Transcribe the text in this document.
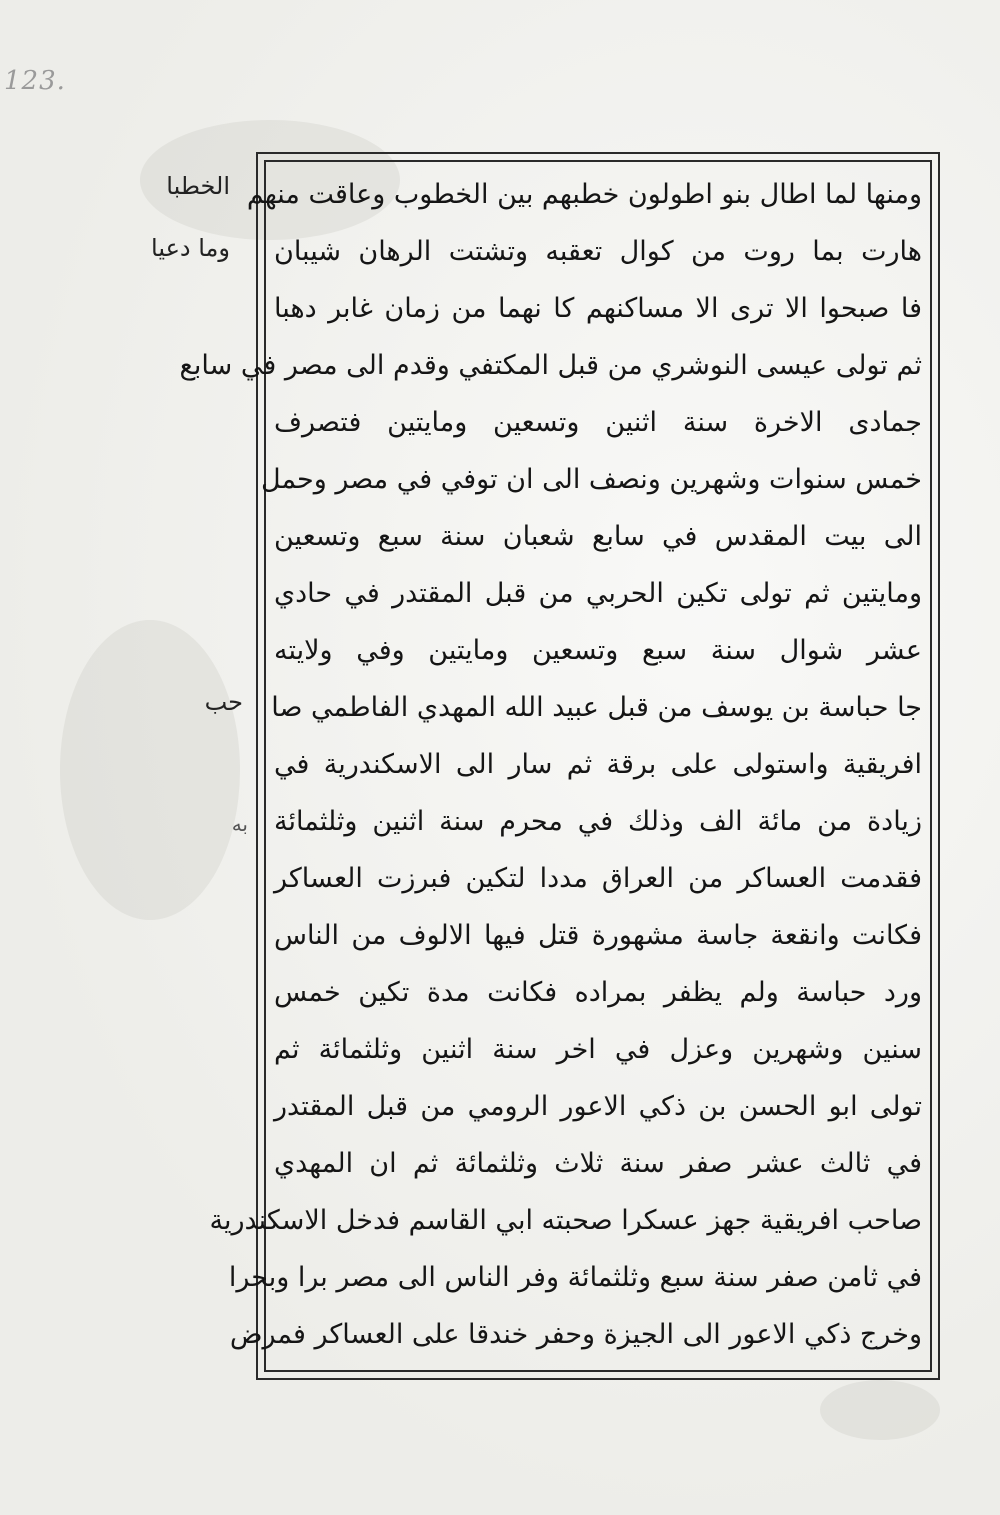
123.
الخطبا
وما دعيا
حب
به
ومنها لما اطال بنو اطولون خطبهم بين الخطوب وعاقت منهم
هارت بما روت من كوال تعقبه وتشتت الرهان شيبان
فا صبحوا الا ترى الا مساكنهم كا نهما من زمان غابر دهبا
ثم تولى عيسى النوشري من قبل المكتفي وقدم الى مصر في سابع
جمادى الاخرة سنة اثنين وتسعين ومايتين فتصرف
خمس سنوات وشهرين ونصف الى ان توفي في مصر وحمل
الى بيت المقدس في سابع شعبان سنة سبع وتسعين
ومايتين ثم تولى تكين الحربي من قبل المقتدر في حادي
عشر شوال سنة سبع وتسعين ومايتين وفي ولايته
جا حباسة بن يوسف من قبل عبيد الله المهدي الفاطمي صا
افريقية واستولى على برقة ثم سار الى الاسكندرية في
زيادة من مائة الف وذلك في محرم سنة اثنين وثلثمائة
فقدمت العساكر من العراق مددا لتكين فبرزت العساكر
فكانت وانقعة جاسة مشهورة قتل فيها الالوف من الناس
ورد حباسة ولم يظفر بمراده فكانت مدة تكين خمس
سنين وشهرين وعزل في اخر سنة اثنين وثلثمائة ثم
تولى ابو الحسن بن ذكي الاعور الرومي من قبل المقتدر
في ثالث عشر صفر سنة ثلاث وثلثمائة ثم ان المهدي
صاحب افريقية جهز عسكرا صحبته ابي القاسم فدخل الاسكندرية
في ثامن صفر سنة سبع وثلثمائة وفر الناس الى مصر برا وبحرا
وخرج ذكي الاعور الى الجيزة وحفر خندقا على العساكر فمرض
